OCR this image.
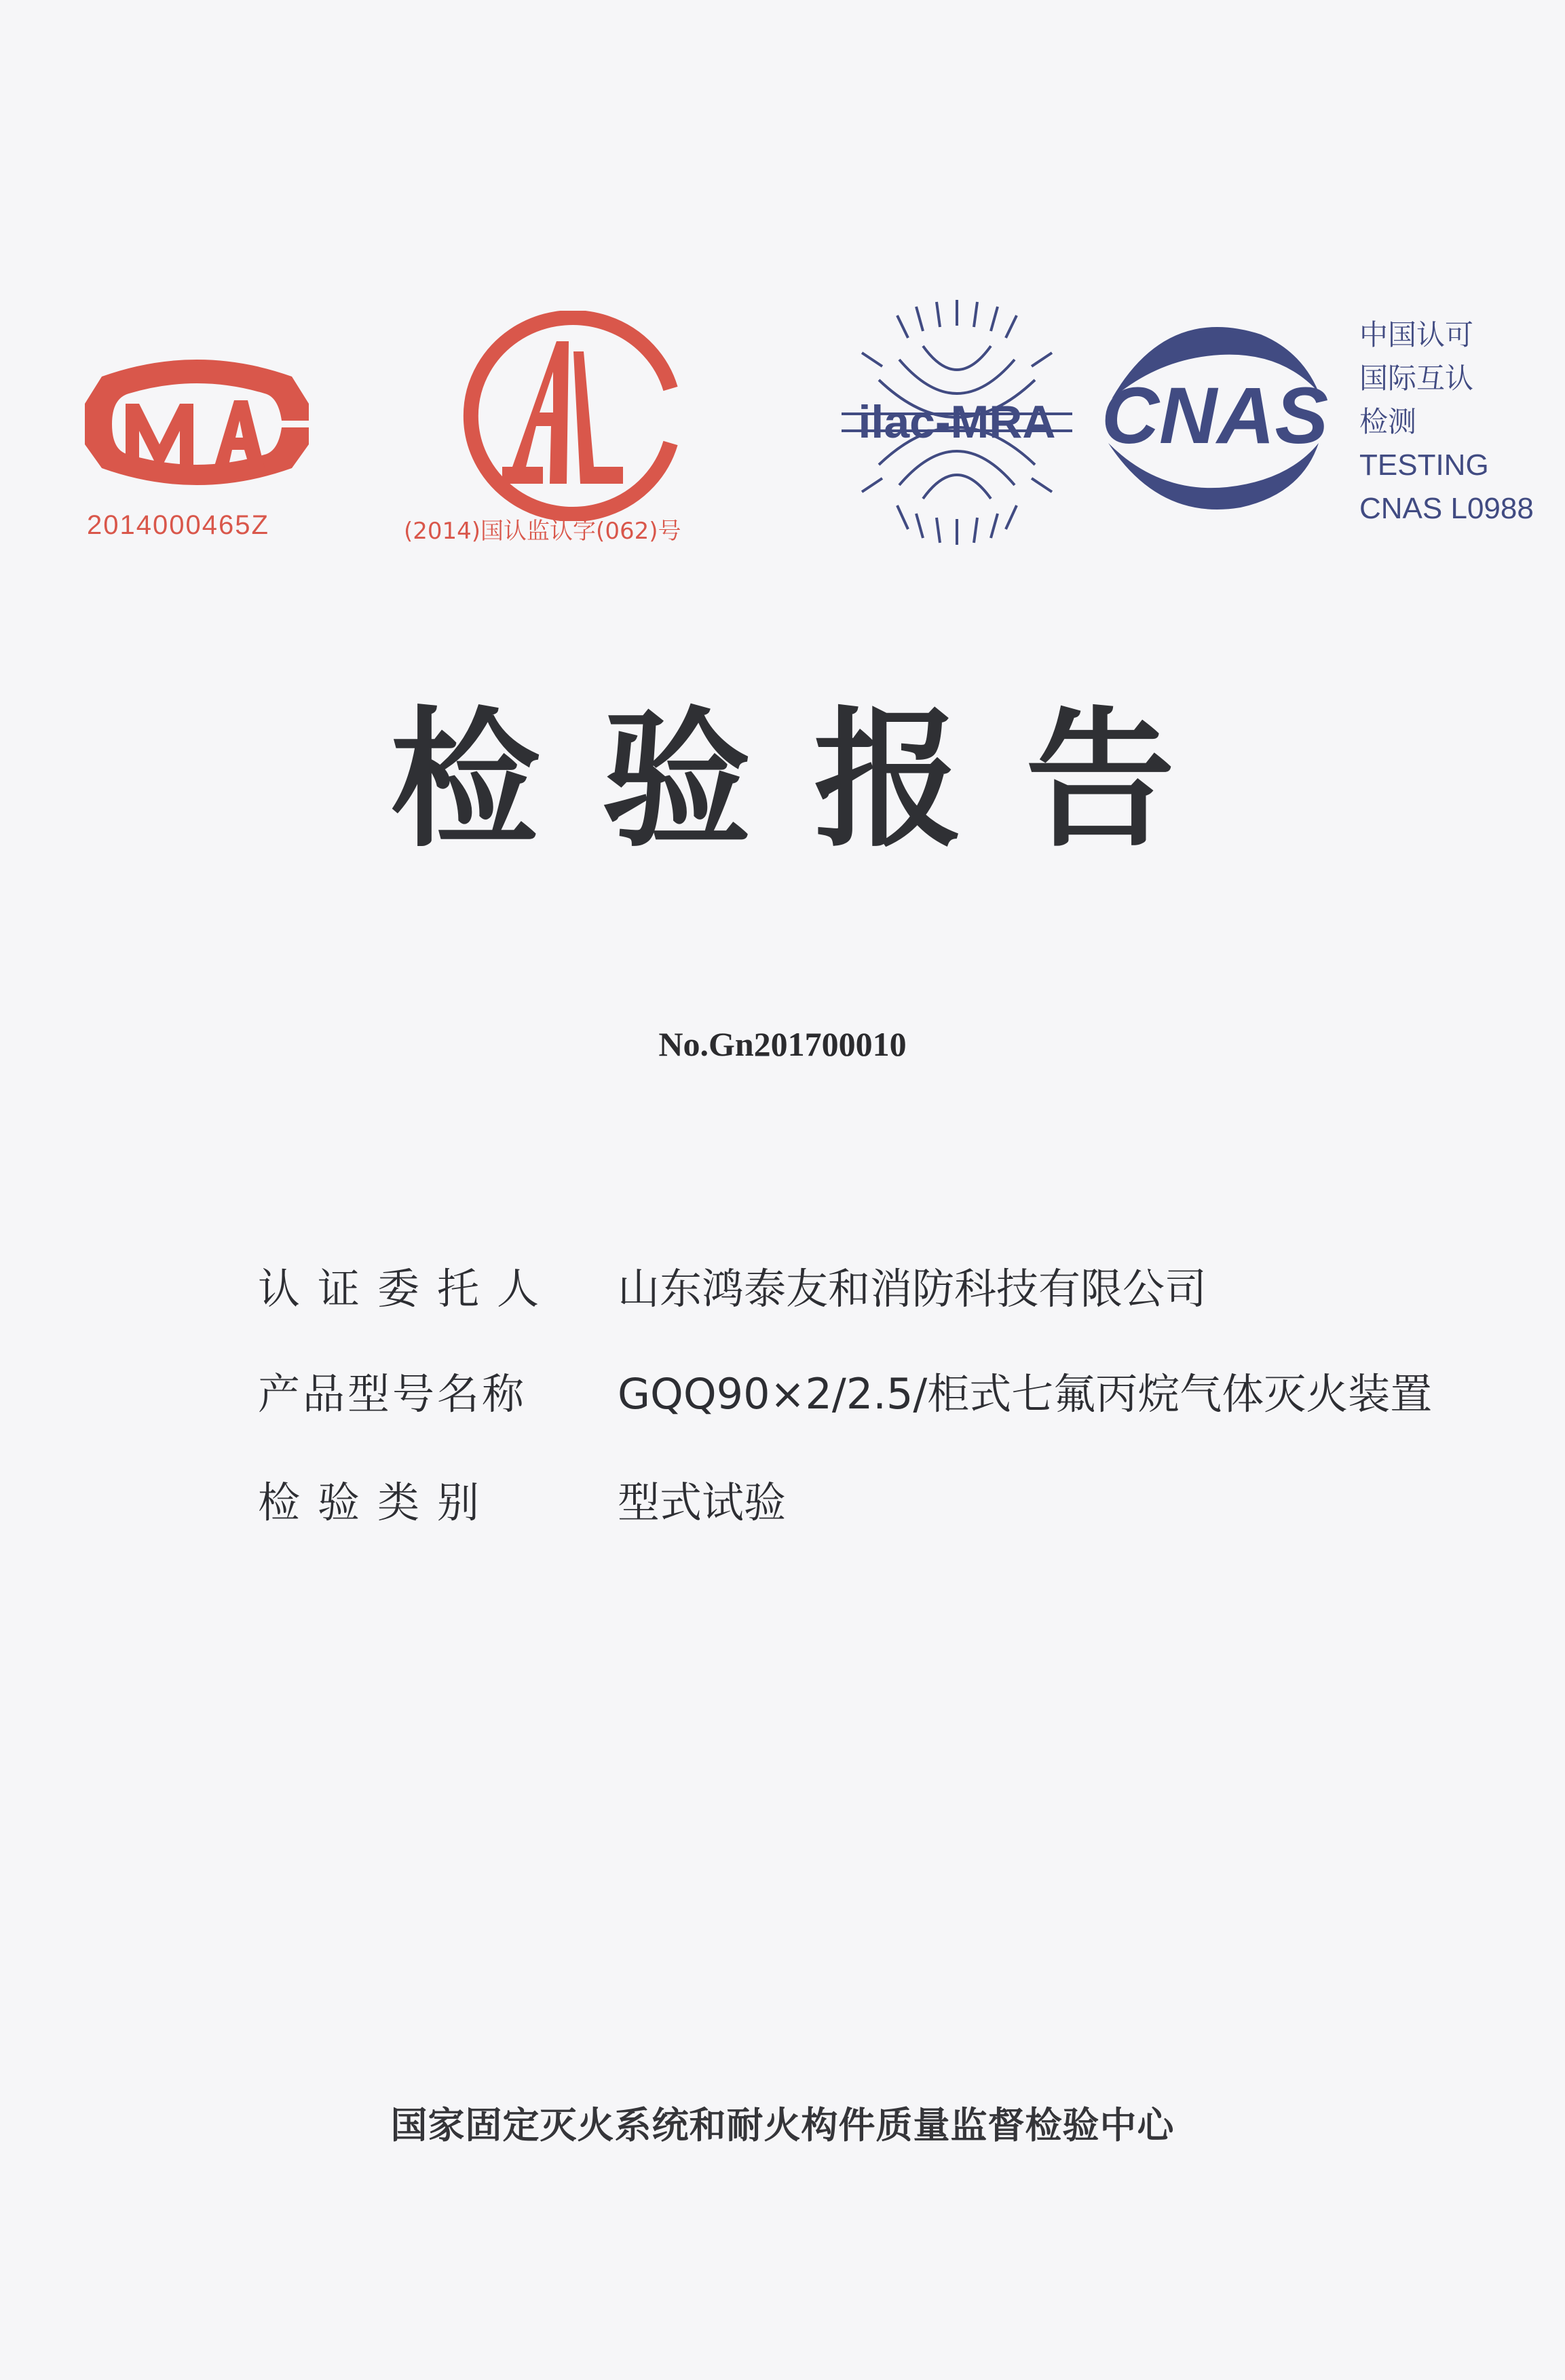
2014000465Z	(2014)国认监认字(062)号
ilac-MRA CNAS
中国认可
国际互认
检测
TESTING
CNAS L0988
检验报告
No.Gn201700010
认证委托人 山东鸿泰友和消防科技有限公司
产品型号名称 GQQ90×2/2.5/柜式七氟丙烷气体灭火装置
检验类别	型式试验
国家固定灭火系统和耐火构件质量监督检验中心
